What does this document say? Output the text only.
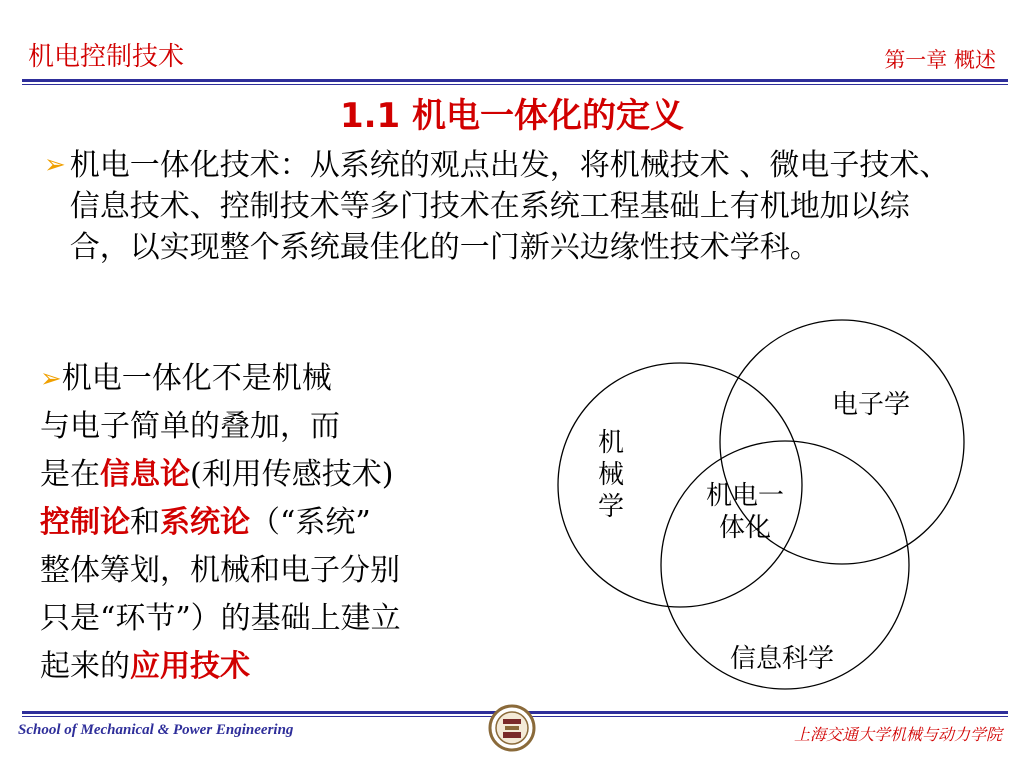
机电控制技术	第一章 概述
1.1 机电一体化的定义
➢ 机电一体化技术：从系统的观点出发，将机械技术 、微电子技术、信息技术、控制技术等多门技术在系统工程基础上有机地加以综合，以实现整个系统最佳化的一门新兴边缘性技术学科。
➢机电一体化不是机械
与电子简单的叠加，而
是在信息论(利用传感技术)
控制论和系统论（“系统”
整体筹划，机械和电子分别
只是“环节”）的基础上建立
起来的应用技术
机
械
学
电子学
信息科学
机电一
体化
School of Mechanical & Power Engineering	上海交通大学机械与动力学院
